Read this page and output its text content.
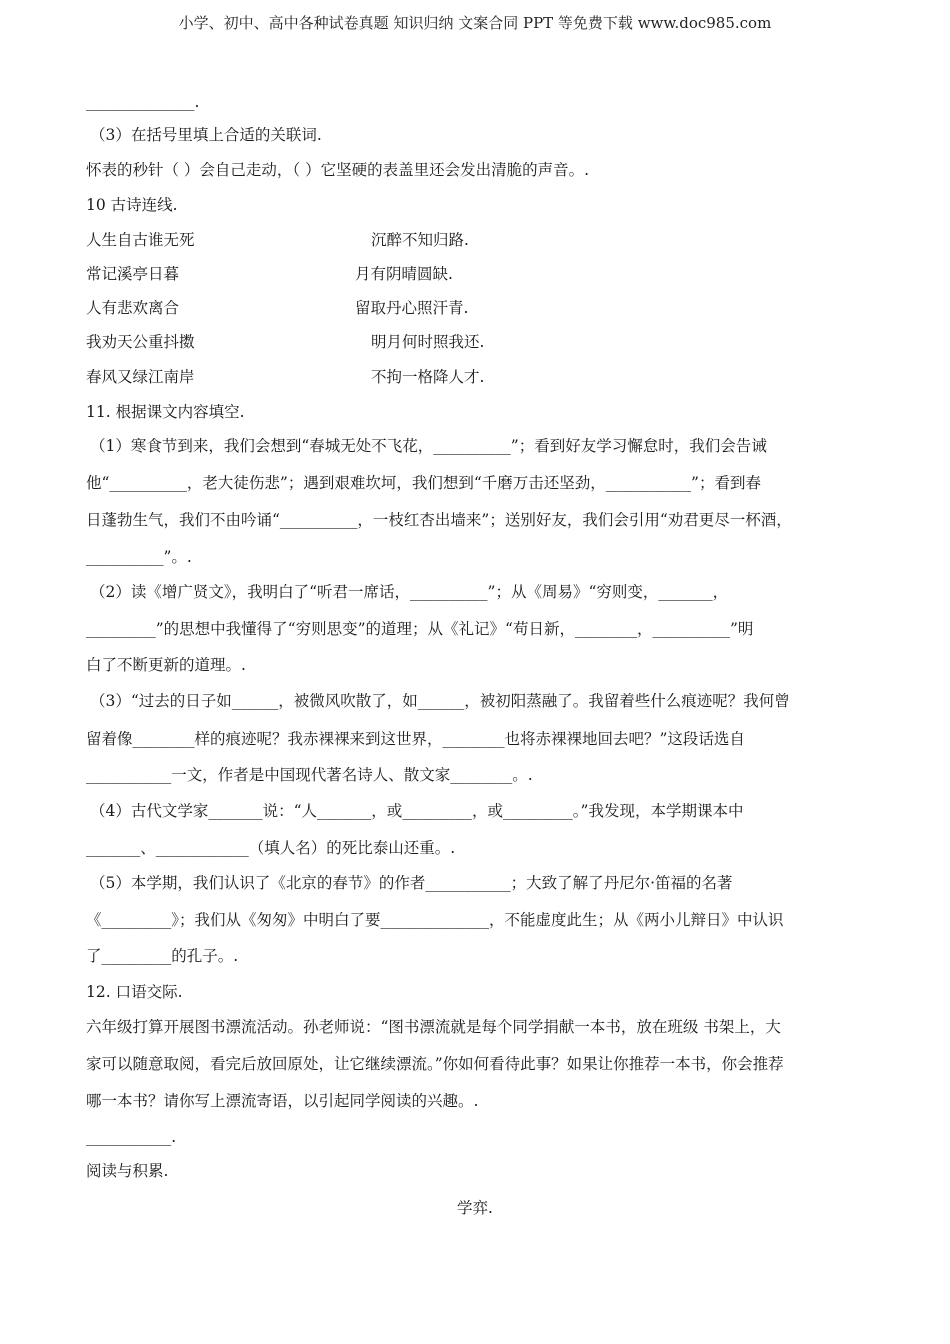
小学、初中、高中各种试卷真题 知识归纳 文案合同 PPT 等免费下载 www.doc985.com
______________.
（3）在括号里填上合适的关联词.
怀表的秒针（ ）会自己走动，（ ）它坚硬的表盖里还会发出清脆的声音。.
10 古诗连线.
人生自古谁无死	沉醉不知归路.
常记溪亭日暮	月有阴晴圆缺.
人有悲欢离合	留取丹心照汗青.
我劝天公重抖擞	明月何时照我还.
春风又绿江南岸	不拘一格降人才.
11. 根据课文内容填空.
（1）寒食节到来，我们会想到“春城无处不飞花，__________”；看到好友学习懈怠时，我们会告诫
他“__________，老大徒伤悲”；遇到艰难坎坷，我们想到“千磨万击还坚劲，___________”；看到春
日蓬勃生气，我们不由吟诵“__________，一枝红杏出墙来”；送别好友，我们会引用“劝君更尽一杯酒，
__________”。.
（2）读《增广贤文》，我明白了“听君一席话，__________”；从《周易》“穷则变，_______，
_________”的思想中我懂得了“穷则思变”的道理；从《礼记》“苟日新，________，__________”明
白了不断更新的道理。.
（3）“过去的日子如______，被微风吹散了，如______，被初阳蒸融了。我留着些什么痕迹呢？我何曾
留着像________样的痕迹呢？我赤裸裸来到这世界，________也将赤裸裸地回去吧？”这段话选自
___________一文，作者是中国现代著名诗人、散文家________。.
（4）古代文学家_______说：“人_______，或_________，或_________。”我发现，本学期课本中
_______、____________（填人名）的死比泰山还重。.
（5）本学期，我们认识了《北京的春节》的作者___________；大致了解了丹尼尔·笛福的名著
《_________》；我们从《匆匆》中明白了要______________，不能虚度此生；从《两小儿辩日》中认识
了_________的孔子。.
12. 口语交际.
六年级打算开展图书漂流活动。孙老师说：“图书漂流就是每个同学捐献一本书，放在班级 书架上，大
家可以随意取阅，看完后放回原处，让它继续漂流。”你如何看待此事？如果让你推荐一本书，你会推荐
哪一本书？请你写上漂流寄语，以引起同学阅读的兴趣。.
___________.
阅读与积累.
学弈.
